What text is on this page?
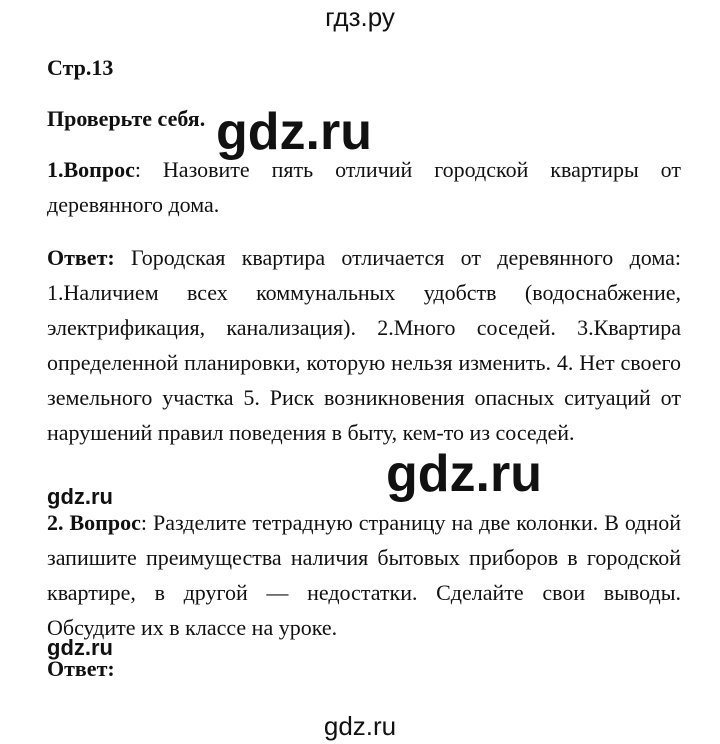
гдз.ру
Стр.13
Проверьте себя. gdz.ru
1.Вопрос: Назовите пять отличий городской квартиры от деревянного дома.
Ответ: Городская квартира отличается от деревянного дома: 1.Наличием всех коммунальных удобств (водоснабжение, электрификация, канализация). 2.Много соседей. 3.Квартира определенной планировки, которую нельзя изменить. 4. Нет своего земельного участка 5. Риск возникновения опасных ситуаций от нарушений правил поведения в быту, кем-то из соседей.
gdz.ru
gdz.ru
2. Вопрос: Разделите тетрадную страницу на две колонки. В одной запишите преимущества наличия бытовых приборов в городской квартире, в другой — недостатки. Сделайте свои выводы. Обсудите их в классе на уроке.
gdz.ru
Ответ:
gdz.ru
